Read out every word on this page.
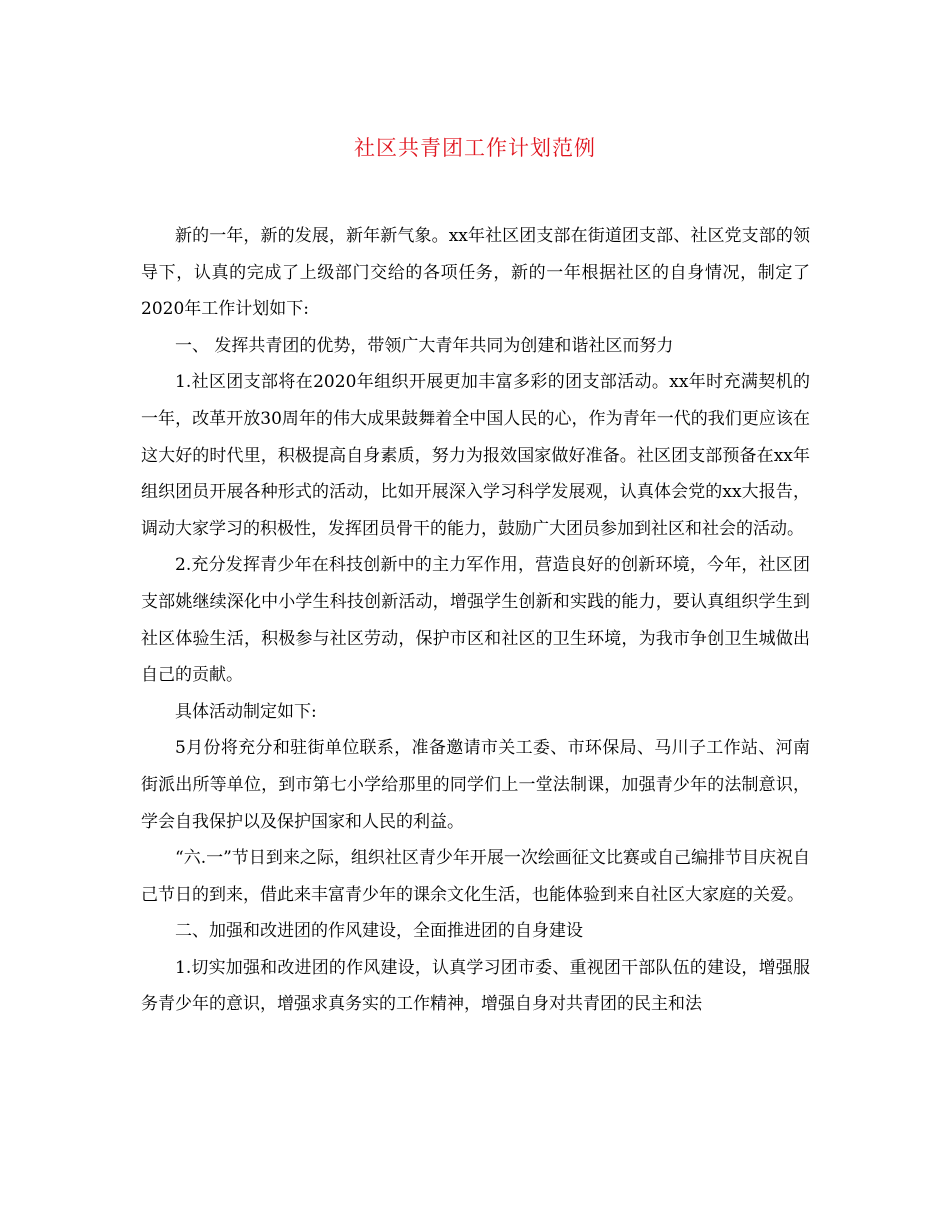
社区共青团工作计划范例

新的一年，新的发展，新年新气象。xx年社区团支部在街道团支部、社区党支部的领导下，认真的完成了上级部门交给的各项任务，新的一年根据社区的自身情况，制定了2020年工作计划如下:

一、 发挥共青团的优势，带领广大青年共同为创建和谐社区而努力

1.社区团支部将在2020年组织开展更加丰富多彩的团支部活动。xx年时充满契机的一年，改革开放30周年的伟大成果鼓舞着全中国人民的心，作为青年一代的我们更应该在这大好的时代里，积极提高自身素质，努力为报效国家做好准备。社区团支部预备在xx年组织团员开展各种形式的活动，比如开展深入学习科学发展观，认真体会党的xx大报告，调动大家学习的积极性，发挥团员骨干的能力，鼓励广大团员参加到社区和社会的活动。

2.充分发挥青少年在科技创新中的主力军作用，营造良好的创新环境，今年，社区团支部姚继续深化中小学生科技创新活动，增强学生创新和实践的能力，要认真组织学生到社区体验生活，积极参与社区劳动，保护市区和社区的卫生环境，为我市争创卫生城做出自己的贡献。

具体活动制定如下:

5月份将充分和驻街单位联系，准备邀请市关工委、市环保局、马川子工作站、河南街派出所等单位，到市第七小学给那里的同学们上一堂法制课，加强青少年的法制意识，学会自我保护以及保护国家和人民的利益。

“六.一”节日到来之际，组织社区青少年开展一次绘画征文比赛或自己编排节目庆祝自己节日的到来，借此来丰富青少年的课余文化生活，也能体验到来自社区大家庭的关爱。

二、加强和改进团的作风建设，全面推进团的自身建设

1.切实加强和改进团的作风建设，认真学习团市委、重视团干部队伍的建设，增强服务青少年的意识，增强求真务实的工作精神，增强自身对共青团的民主和法
